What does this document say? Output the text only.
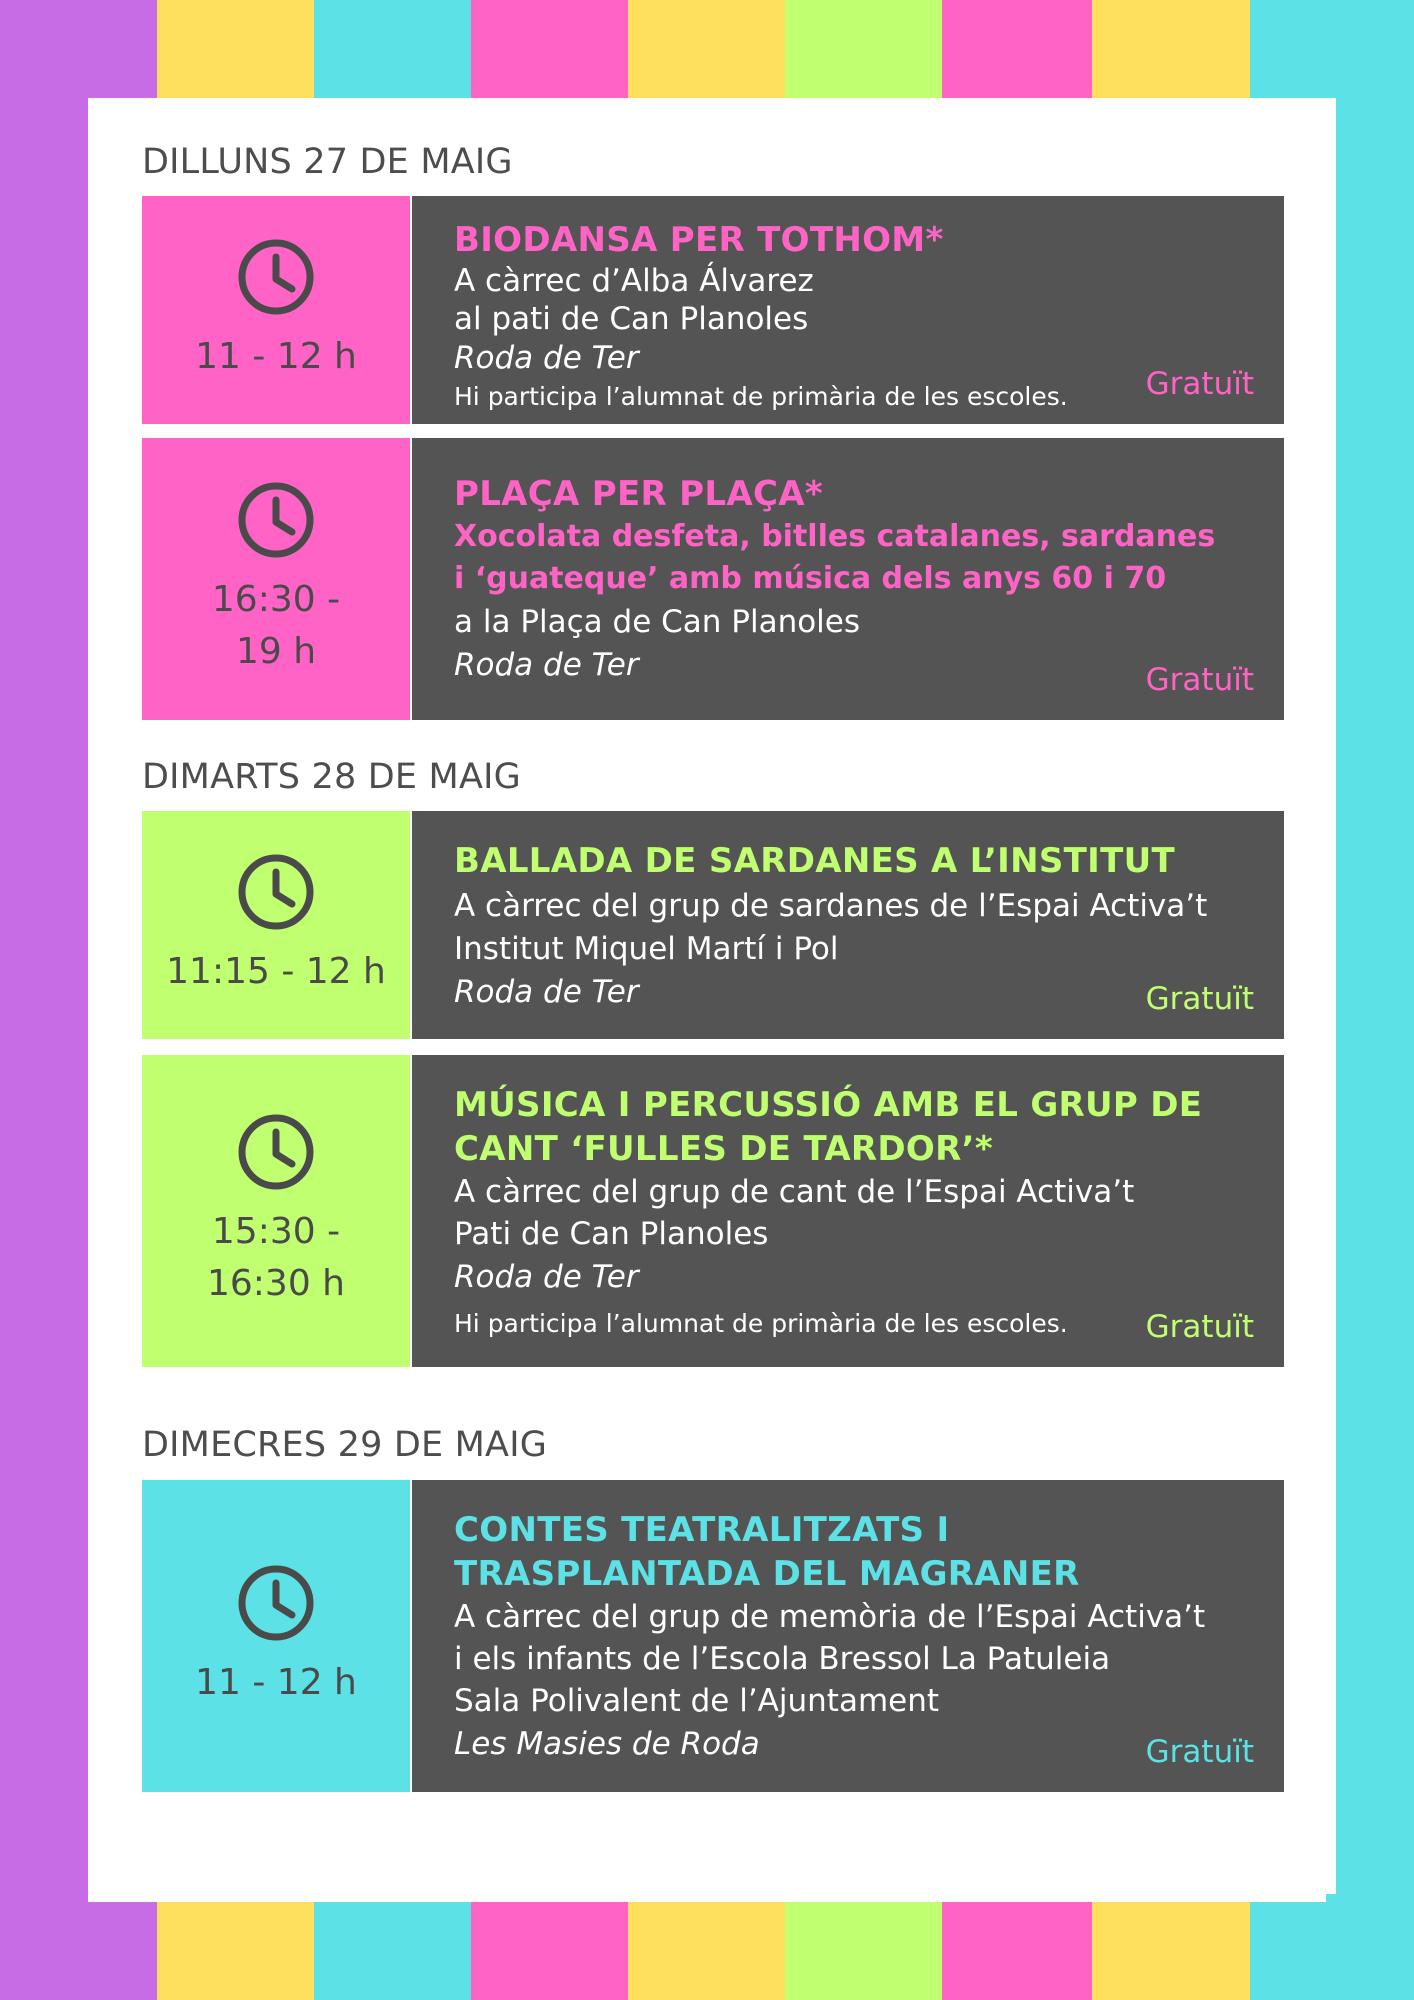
DILLUNS 27 DE MAIG
11 - 12 h
BIODANSA PER TOTHOM*
A càrrec d’Alba Álvarez
al pati de Can Planoles
Roda de Ter
Hi participa l’alumnat de primària de les escoles.	Gratuït
16:30 -
19 h
PLAÇA PER PLAÇA*
Xocolata desfeta, bitlles catalanes, sardanes
i ‘guateque’ amb música dels anys 60 i 70
a la Plaça de Can Planoles
Roda de Ter	Gratuït
DIMARTS 28 DE MAIG
11:15 - 12 h
BALLADA DE SARDANES A L’INSTITUT
A càrrec del grup de sardanes de l’Espai Activa’t
Institut Miquel Martí i Pol
Roda de Ter	Gratuït
15:30 -
16:30 h
MÚSICA I PERCUSSIÓ AMB EL GRUP DE
CANT ‘FULLES DE TARDOR’*
A càrrec del grup de cant de l’Espai Activa’t
Pati de Can Planoles
Roda de Ter
Hi participa l’alumnat de primària de les escoles.	Gratuït
DIMECRES 29 DE MAIG
11 - 12 h
CONTES TEATRALITZATS I
TRASPLANTADA DEL MAGRANER
A càrrec del grup de memòria de l’Espai Activa’t
i els infants de l’Escola Bressol La Patuleia
Sala Polivalent de l’Ajuntament
Les Masies de Roda	Gratuït
